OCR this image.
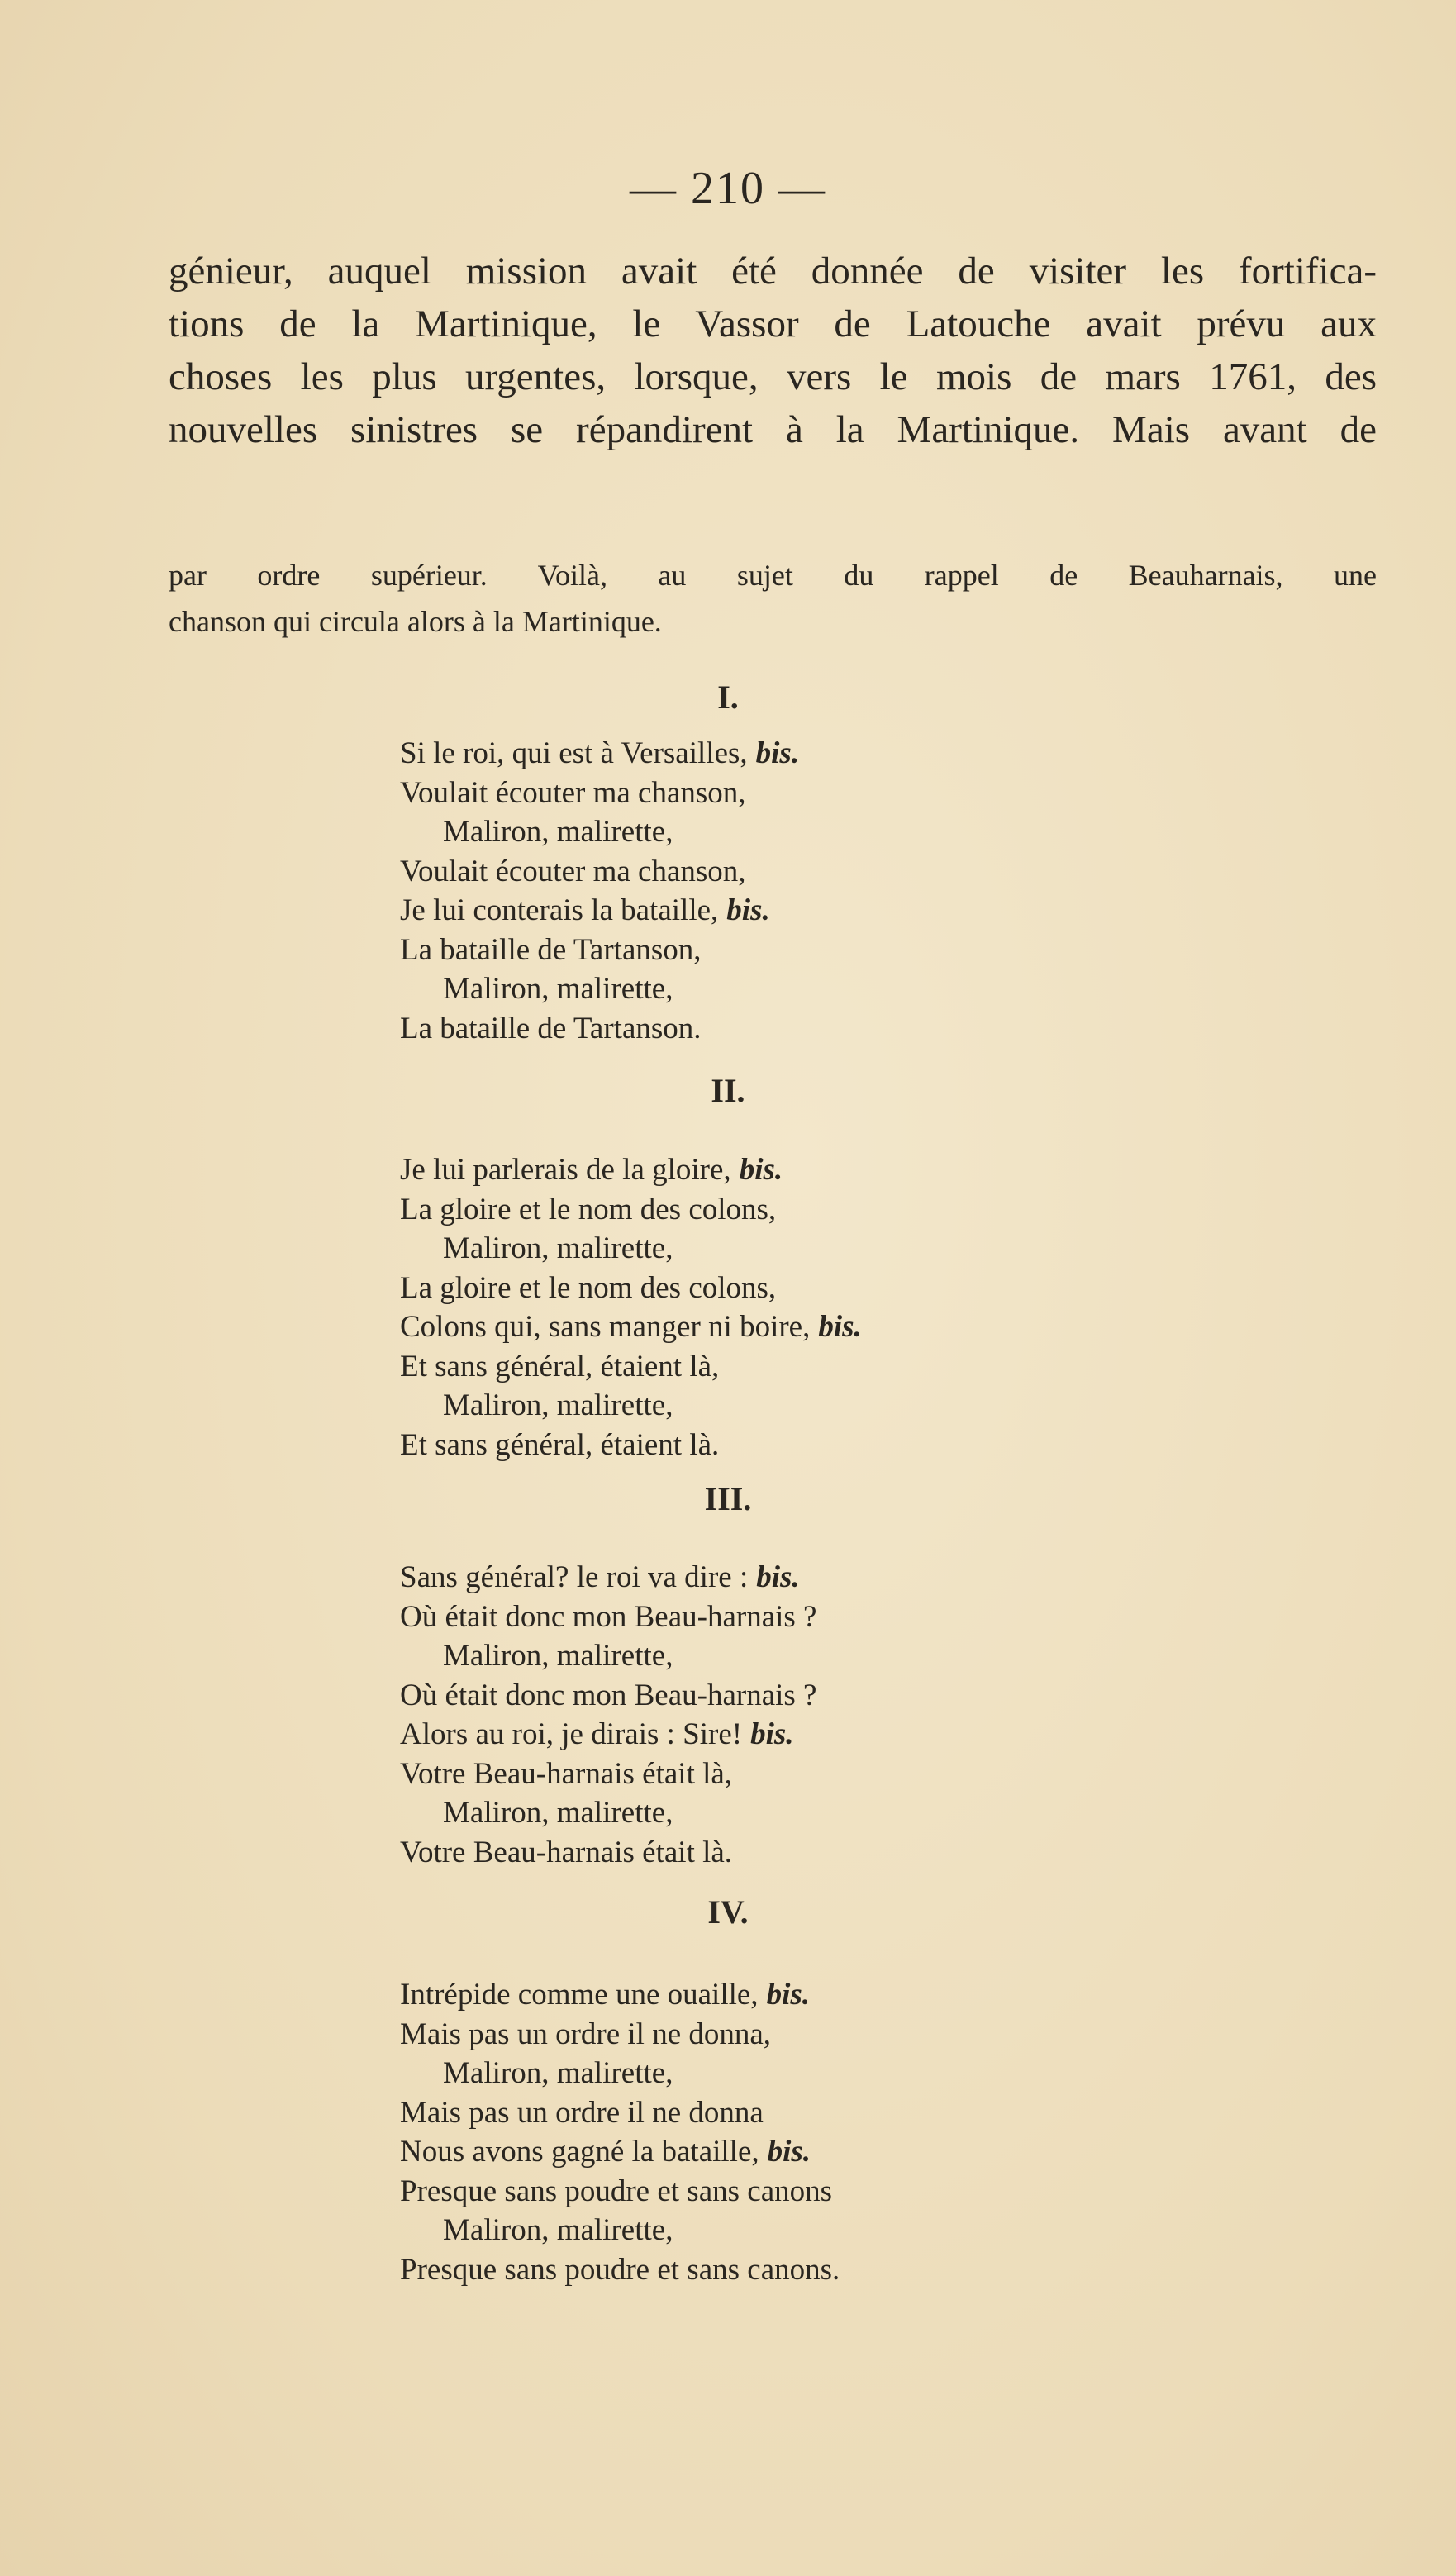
— 210 —

génieur, auquel mission avait été donnée de visiter les fortifica-
tions de la Martinique, le Vassor de Latouche avait prévu aux
choses les plus urgentes, lorsque, vers le mois de mars 1761, des
nouvelles sinistres se répandirent à la Martinique. Mais avant de

par ordre supérieur. Voilà, au sujet du rappel de Beauharnais, une
chanson qui circula alors à la Martinique.

I.
Si le roi, qui est à Versailles, bis.
Voulait écouter ma chanson,
Maliron, malirette,
Voulait écouter ma chanson,
Je lui conterais la bataille, bis.
La bataille de Tartanson,
Maliron, malirette,
La bataille de Tartanson.
II.
Je lui parlerais de la gloire, bis.
La gloire et le nom des colons,
Maliron, malirette,
La gloire et le nom des colons,
Colons qui, sans manger ni boire, bis.
Et sans général, étaient là,
Maliron, malirette,
Et sans général, étaient là.
III.
Sans général? le roi va dire : bis.
Où était donc mon Beau-harnais ?
Maliron, malirette,
Où était donc mon Beau-harnais ?
Alors au roi, je dirais : Sire! bis.
Votre Beau-harnais était là,
Maliron, malirette,
Votre Beau-harnais était là.
IV.
Intrépide comme une ouaille, bis.
Mais pas un ordre il ne donna,
Maliron, malirette,
Mais pas un ordre il ne donna
Nous avons gagné la bataille, bis.
Presque sans poudre et sans canons
Maliron, malirette,
Presque sans poudre et sans canons.
